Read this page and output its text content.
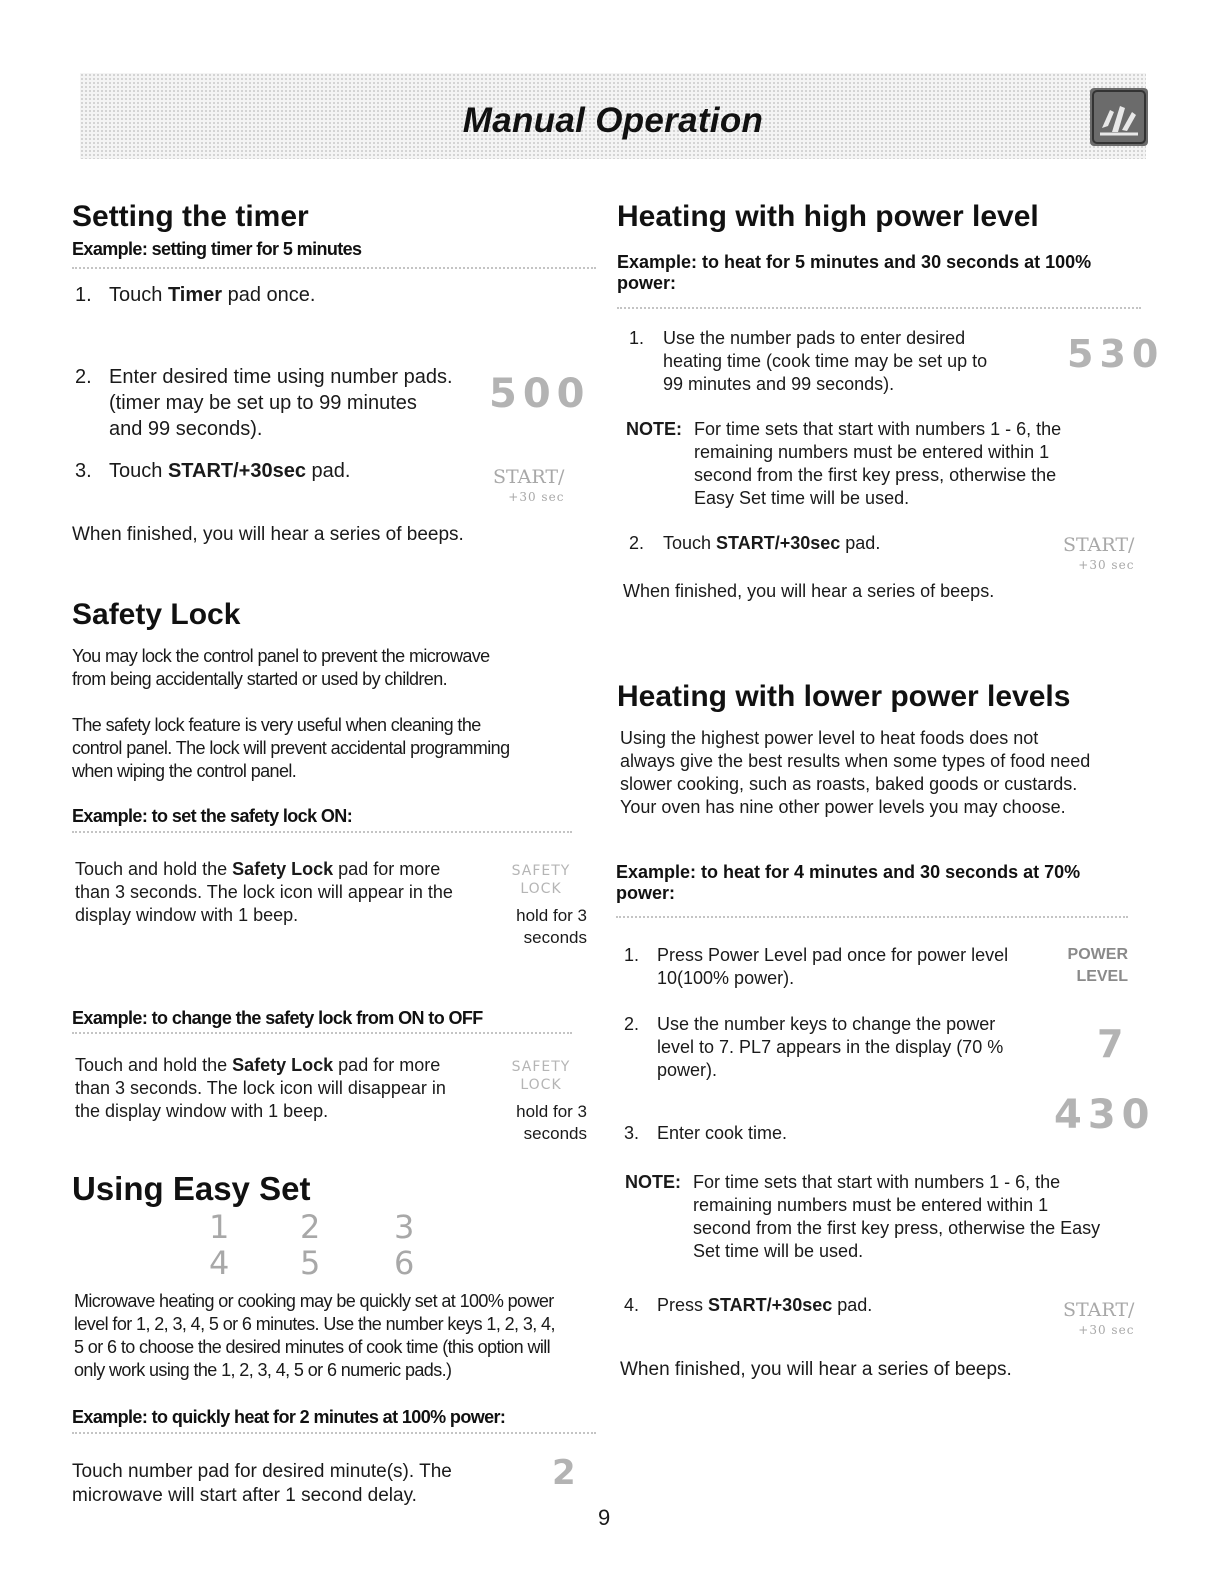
Manual Operation
Setting the timer
Example: setting timer for 5 minutes
1. Touch Timer pad once.
2. Enter desired time using number pads.
(timer may be set up to 99 minutes
and 99 seconds).
500
3. Touch START/+30sec pad.	START/
+30 sec
When finished, you will hear a series of beeps.
Safety Lock
You may lock the control panel to prevent the microwave
from being accidentally started or used by children.
The safety lock feature is very useful when cleaning the
control panel. The lock will prevent accidental programming
when wiping the control panel.
Example: to set the safety lock ON:
Touch and hold the Safety Lock pad for more
than 3 seconds. The lock icon will appear in the
display window with 1 beep.
SAFETY
LOCK
hold for 3
seconds
Example: to change the safety lock from ON to OFF
Touch and hold the Safety Lock pad for more
than 3 seconds. The lock icon will disappear in
the display window with 1 beep.
SAFETY
LOCK
hold for 3
seconds
Using Easy Set
1 2 3
4 5 6
Microwave heating or cooking may be quickly set at 100% power
level for 1, 2, 3, 4, 5 or 6 minutes. Use the number keys 1, 2, 3, 4,
5 or 6 to choose the desired minutes of cook time (this option will
only work using the 1, 2, 3, 4, 5 or 6 numeric pads.)
Example: to quickly heat for 2 minutes at 100% power:
Touch number pad for desired minute(s). The
microwave will start after 1 second delay.
2
Heating with high power level
Example: to heat for 5 minutes and 30 seconds at 100%
power:
1. Use the number pads to enter desired
heating time (cook time may be set up to
99 minutes and 99 seconds).
530
NOTE: For time sets that start with numbers 1 - 6, the
remaining numbers must be entered within 1
second from the first key press, otherwise the
Easy Set time will be used.
2. Touch START/+30sec pad.	START/
+30 sec
When finished, you will hear a series of beeps.
Heating with lower power levels
Using the highest power level to heat foods does not
always give the best results when some types of food need
slower cooking, such as roasts, baked goods or custards.
Your oven has nine other power levels you may choose.
Example: to heat for 4 minutes and 30 seconds at 70%
power:
1. Press Power Level pad once for power level
10(100% power).
POWER
LEVEL
2. Use the number keys to change the power
level to 7. PL7 appears in the display (70 %
power).
7
3. Enter cook time.	430
NOTE: For time sets that start with numbers 1 - 6, the
remaining numbers must be entered within 1
second from the first key press, otherwise the Easy
Set time will be used.
4. Press START/+30sec pad.	START/
+30 sec
When finished, you will hear a series of beeps.
9
